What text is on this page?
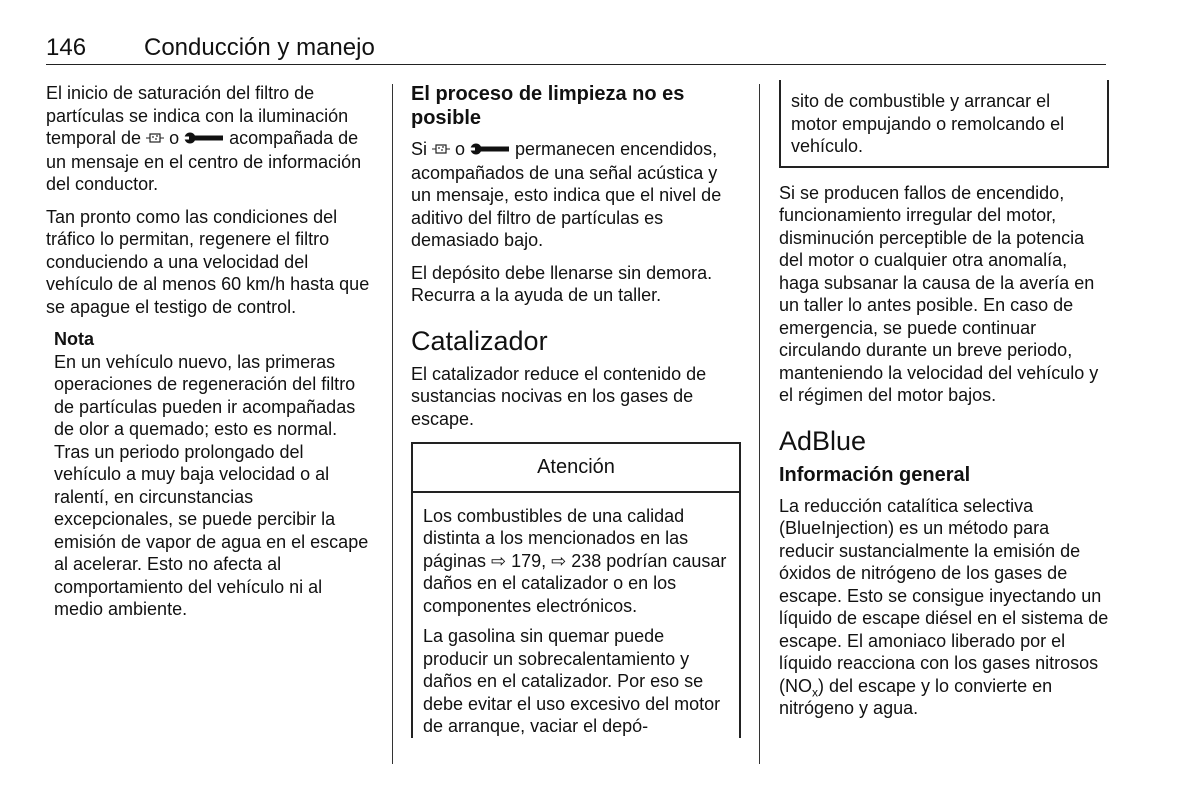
146 Conducción y manejo

El inicio de saturación del filtro de partículas se indica con la iluminación temporal de  o  acompañada de un mensaje en el centro de información del conductor.

Tan pronto como las condiciones del tráfico lo permitan, regenere el filtro conduciendo a una velocidad del vehículo de al menos 60 km/h hasta que se apague el testigo de control.

Nota
En un vehículo nuevo, las primeras operaciones de regeneración del filtro de partículas pueden ir acompañadas de olor a quemado; esto es normal. Tras un periodo prolongado del vehículo a muy baja velocidad o al ralentí, en circunstancias excepcionales, se puede percibir la emisión de vapor de agua en el escape al acelerar. Esto no afecta al comportamiento del vehículo ni al medio ambiente.
El proceso de limpieza no es posible

Si  o  permanecen encendidos, acompañados de una señal acústica y un mensaje, esto indica que el nivel de aditivo del filtro de partículas es demasiado bajo.

El depósito debe llenarse sin demora. Recurra a la ayuda de un taller.

Catalizador

El catalizador reduce el contenido de sustancias nocivas en los gases de escape.

Atención

Los combustibles de una calidad distinta a los mencionados en las páginas ⇨ 179, ⇨ 238 podrían causar daños en el catalizador o en los componentes electrónicos.

La gasolina sin quemar puede producir un sobrecalentamiento y daños en el catalizador. Por eso se debe evitar el uso excesivo del motor de arranque, vaciar el depó-

sito de combustible y arrancar el motor empujando o remolcando el vehículo.

Si se producen fallos de encendido, funcionamiento irregular del motor, disminución perceptible de la potencia del motor o cualquier otra anomalía, haga subsanar la causa de la avería en un taller lo antes posible. En caso de emergencia, se puede continuar circulando durante un breve periodo, manteniendo la velocidad del vehículo y el régimen del motor bajos.

AdBlue
Información general

La reducción catalítica selectiva (BlueInjection) es un método para reducir sustancialmente la emisión de óxidos de nitrógeno de los gases de escape. Esto se consigue inyectando un líquido de escape diésel en el sistema de escape. El amoniaco liberado por el líquido reacciona con los gases nitrosos $(NO_x)$ del escape y lo convierte en nitrógeno y agua.
